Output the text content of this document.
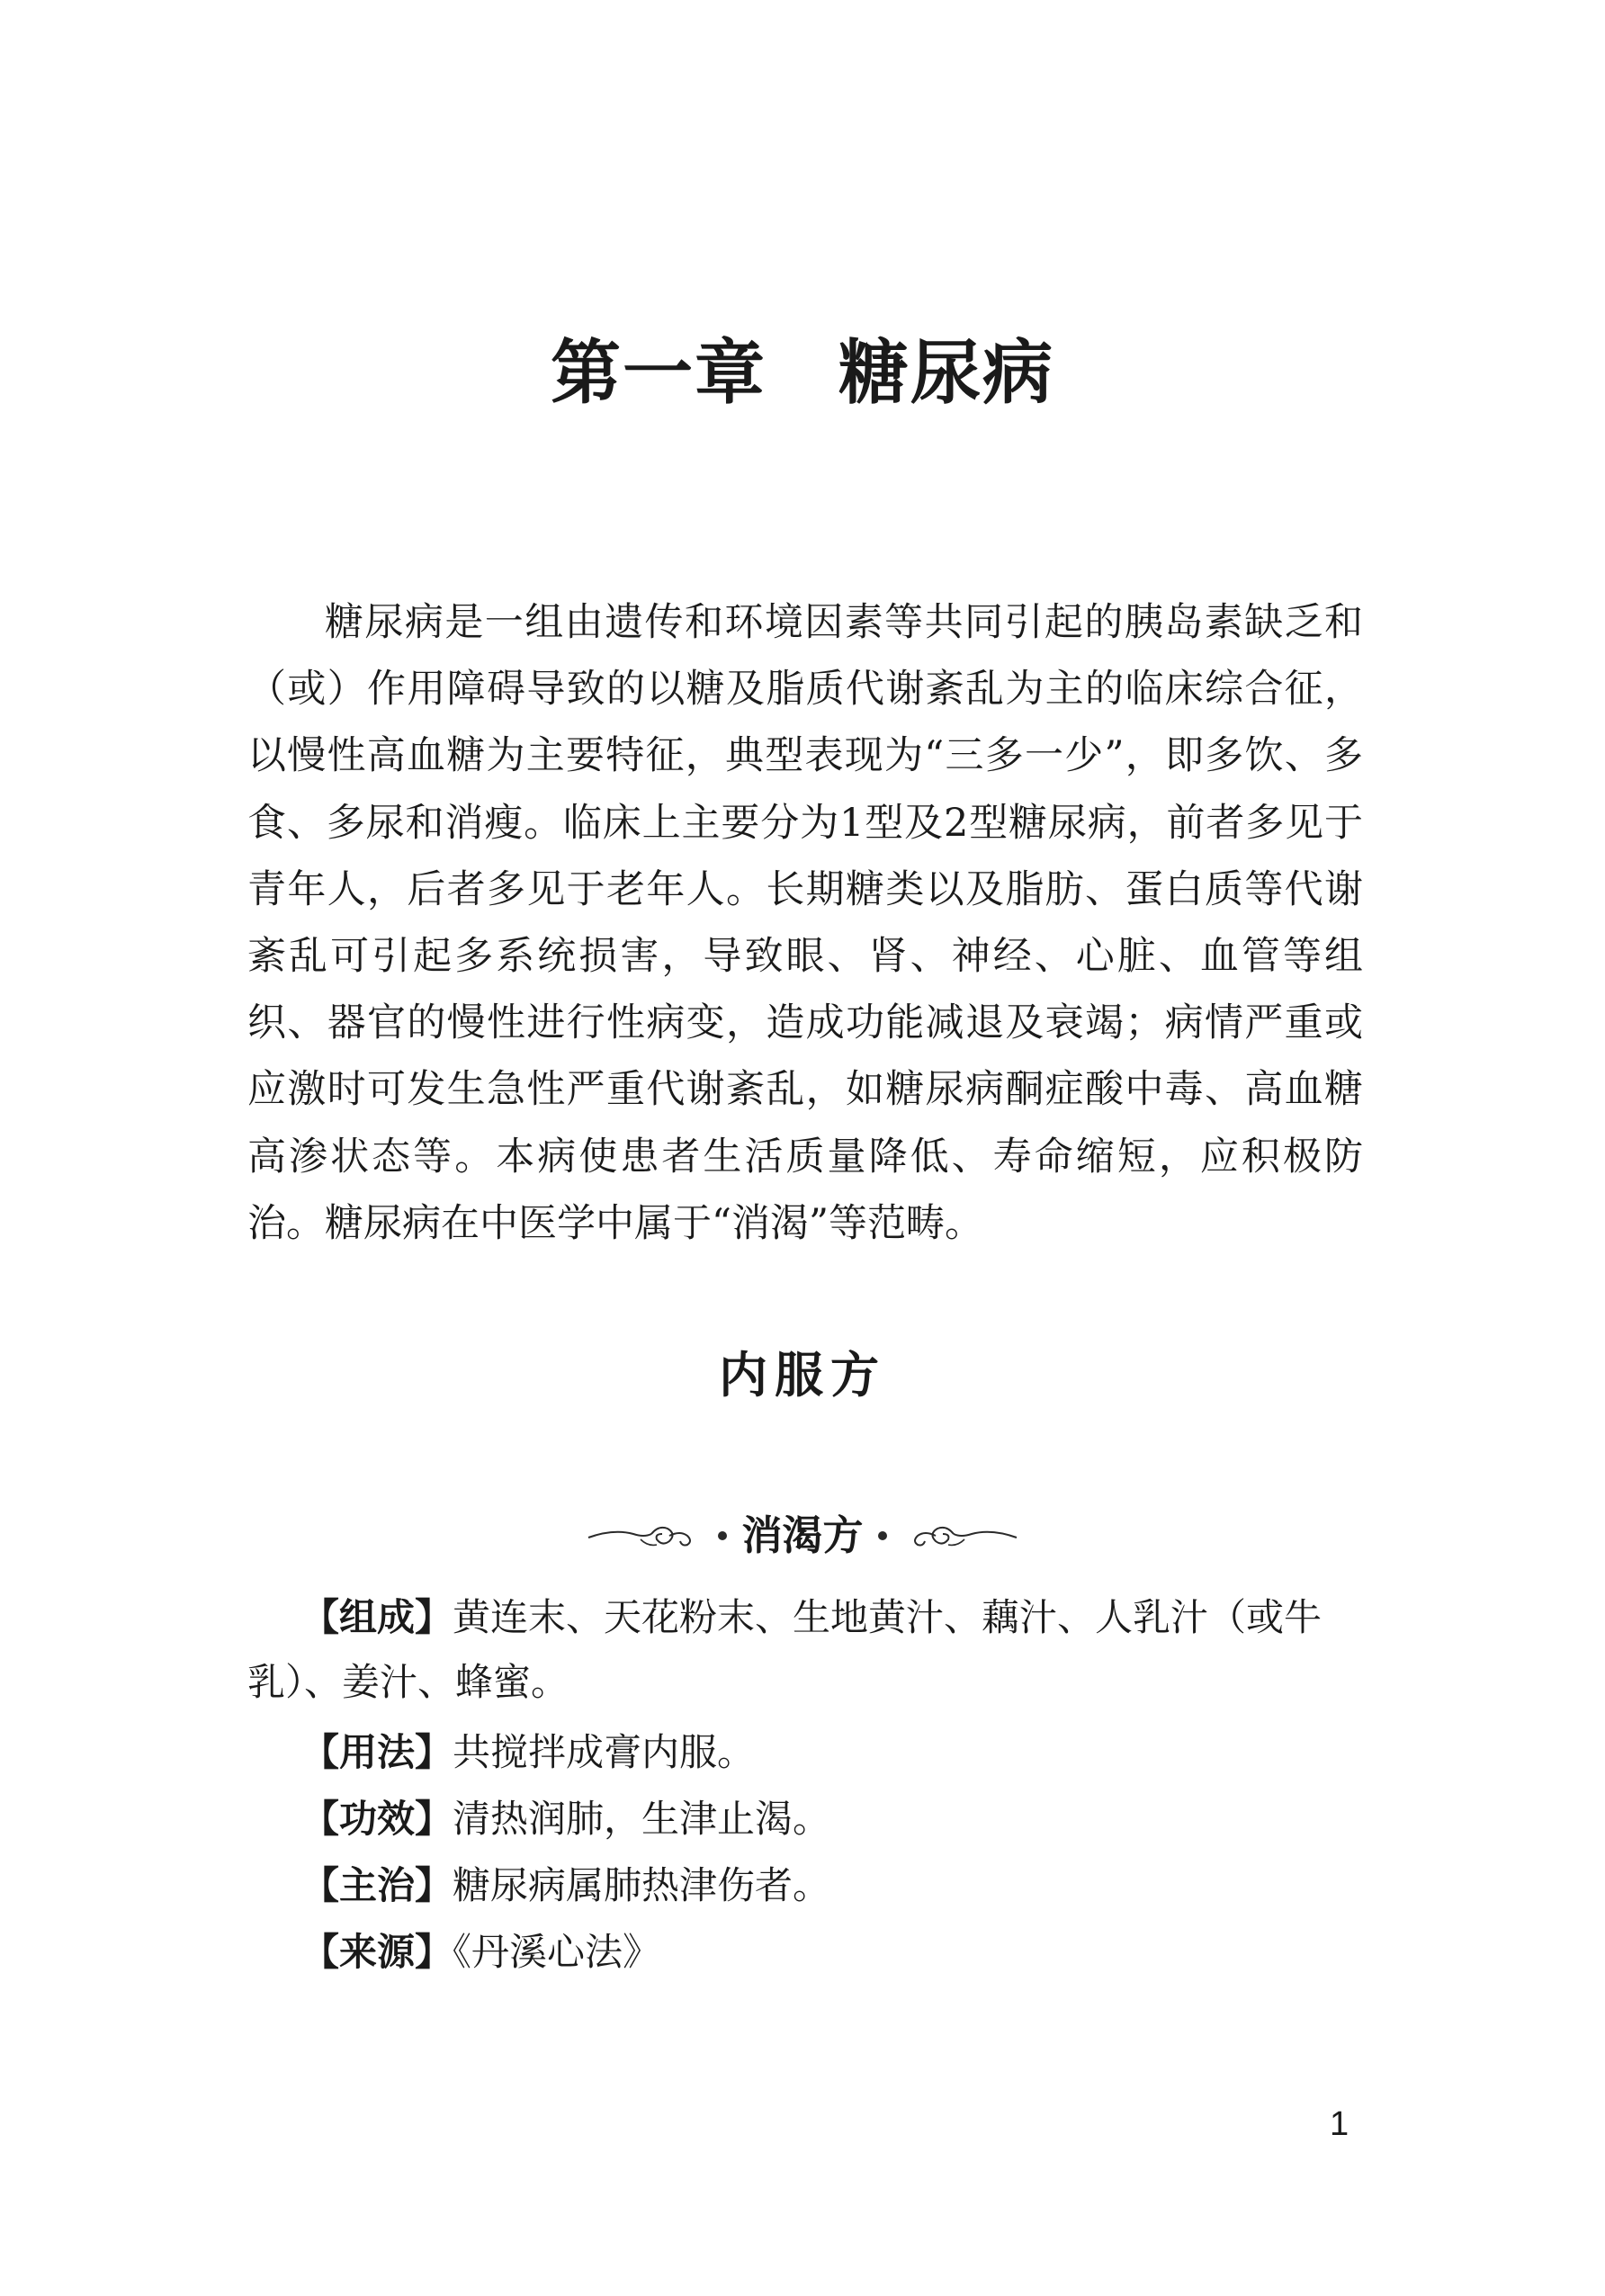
第一章　糖尿病

糖尿病是一组由遗传和环境因素等共同引起的胰岛素缺乏和（或）作用障碍导致的以糖及脂质代谢紊乱为主的临床综合征，以慢性高血糖为主要特征，典型表现为“三多一少”，即多饮、多食、多尿和消瘦。临床上主要分为1型及2型糖尿病，前者多见于青年人，后者多见于老年人。长期糖类以及脂肪、蛋白质等代谢紊乱可引起多系统损害，导致眼、肾、神经、心脏、血管等组织、器官的慢性进行性病变，造成功能减退及衰竭；病情严重或应激时可发生急性严重代谢紊乱，如糖尿病酮症酸中毒、高血糖高渗状态等。本病使患者生活质量降低、寿命缩短，应积极防治。糖尿病在中医学中属于“消渴”等范畴。

内服方
消渴方

【组成】黄连末、天花粉末、生地黄汁、藕汁、人乳汁（或牛乳）、姜汁、蜂蜜。

【用法】共搅拌成膏内服。

【功效】清热润肺，生津止渴。

【主治】糖尿病属肺热津伤者。

【来源】《丹溪心法》

1
